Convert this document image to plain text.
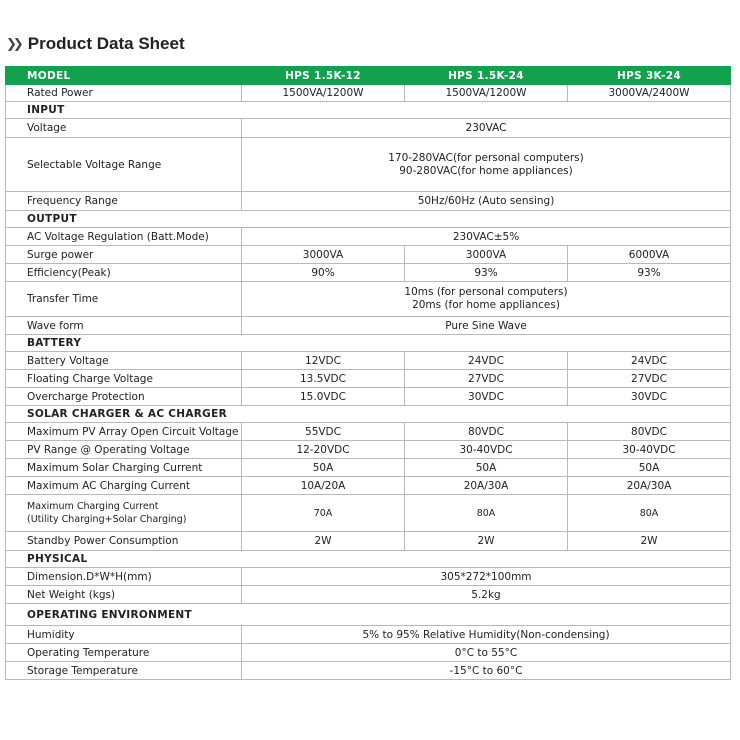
❯❯ Product Data Sheet
MODEL	HPS 1.5K-12	HPS 1.5K-24	HPS 3K-24
Rated Power	1500VA/1200W	1500VA/1200W	3000VA/2400W
INPUT			
Voltage	230VAC		
Selectable Voltage Range	170-280VAC(for personal computers)
90-280VAC(for home appliances)		

Frequency Range	50Hz/60Hz (Auto sensing)		
OUTPUT			
AC Voltage Regulation (Batt.Mode)	230VAC±5%		
Surge power	3000VA	3000VA	6000VA
Efficiency(Peak)	90%	93%	93%
Transfer Time	10ms (for personal computers)
20ms (for home appliances)		

Wave form	Pure Sine Wave		
BATTERY			
Battery Voltage	12VDC	24VDC	24VDC
Floating Charge Voltage	13.5VDC	27VDC	27VDC
Overcharge Protection	15.0VDC	30VDC	30VDC
SOLAR CHARGER & AC CHARGER			
Maximum PV Array Open Circuit Voltage	55VDC	80VDC	80VDC
PV Range @ Operating Voltage	12-20VDC	30-40VDC	30-40VDC
Maximum Solar Charging Current	50A	50A	50A
Maximum AC Charging Current	10A/20A	20A/30A	20A/30A

Maximum Charging Current
(Utility Charging+Solar Charging)	70A	80A	80A
Standby Power Consumption	2W	2W	2W
PHYSICAL			
Dimension.D*W*H(mm)	305*272*100mm		
Net Weight (kgs)	5.2kg		
OPERATING ENVIRONMENT			
Humidity	5% to 95% Relative Humidity(Non-condensing)		
Operating Temperature	0°C to 55°C		
Storage Temperature	-15°C to 60°C		
